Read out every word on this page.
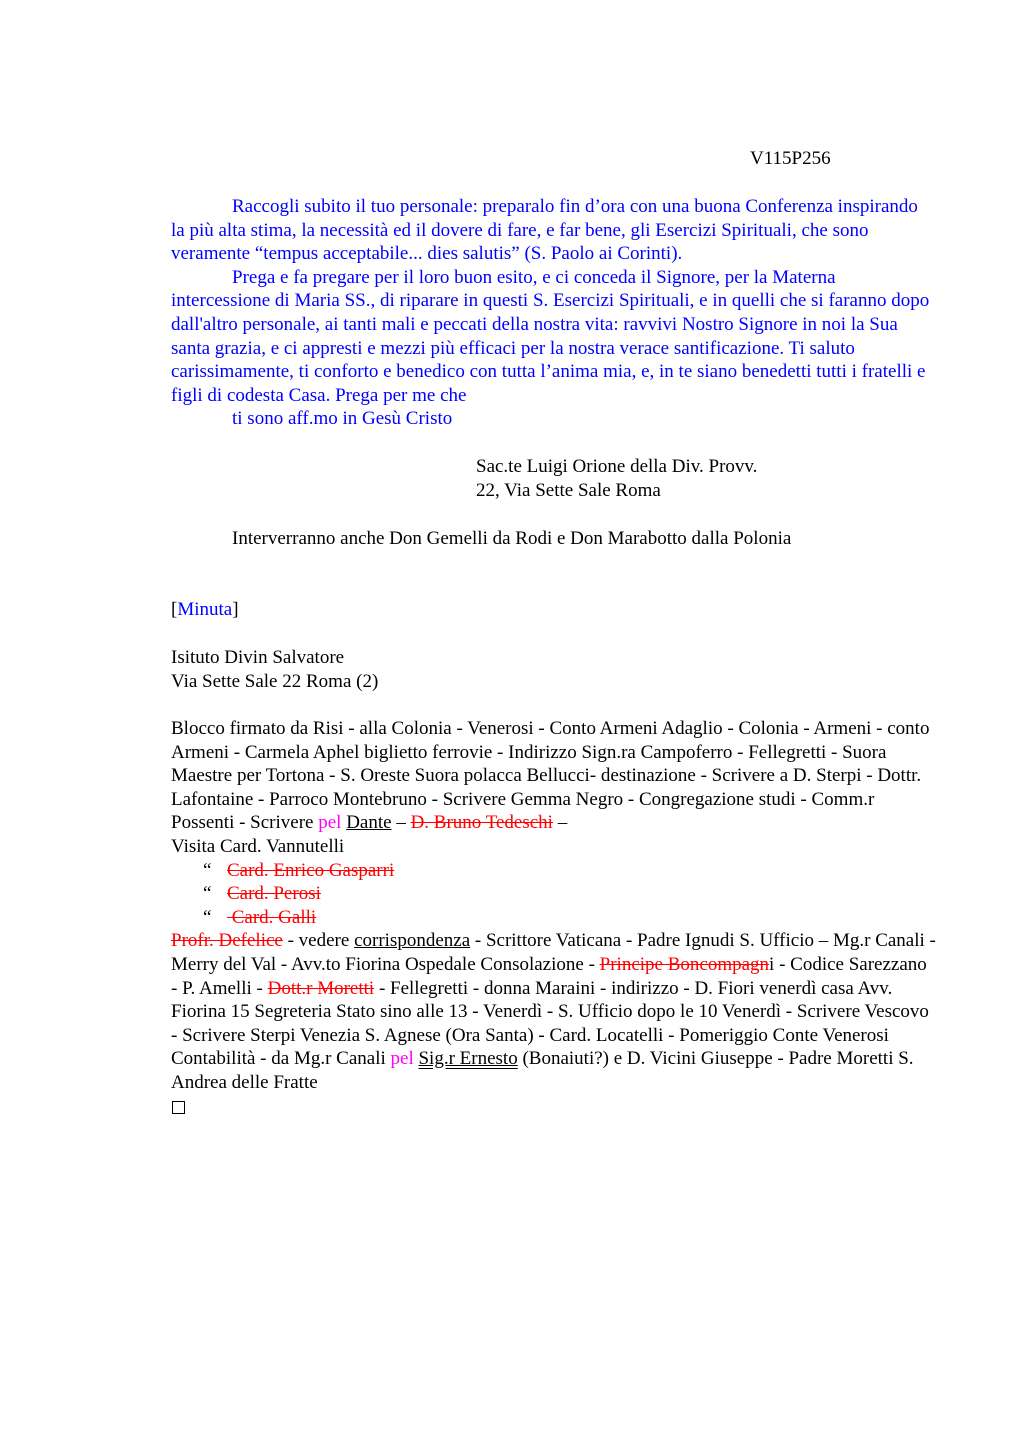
V115P256

Raccogli subito il tuo personale: preparalo fin d’ora con una buona Conferenza inspirando la più alta stima, la necessità ed il dovere di fare, e far bene, gli Esercizi Spirituali, che sono veramente “tempus acceptabile... dies salutis” (S. Paolo ai Corinti).

Prega e fa pregare per il loro buon esito, e ci conceda il Signore, per la Materna intercessione di Maria SS., di riparare in questi S. Esercizi Spirituali, e in quelli che si faranno dopo dall'altro personale, ai tanti mali e peccati della nostra vita: ravvivi Nostro Signore in noi la Sua santa grazia, e ci appresti e mezzi più efficaci per la nostra verace santificazione. Ti saluto carissimamente, ti conforto e benedico con tutta l’anima mia, e, in te siano benedetti tutti i fratelli e figli di codesta Casa. Prega per me che

ti sono aff.mo in Gesù Cristo

Sac.te Luigi Orione della Div. Provv.
22, Via Sette Sale Roma
Interverranno anche Don Gemelli da Rodi e Don Marabotto dalla Polonia
[Minuta]
Isituto Divin Salvatore
Via Sette Sale 22 Roma (2)

Blocco firmato da Risi - alla Colonia - Venerosi - Conto Armeni Adaglio - Colonia - Armeni - conto Armeni - Carmela Aphel biglietto ferrovie - Indirizzo Sign.ra Campoferro - Fellegretti - Suora Maestre per Tortona - S. Oreste Suora polacca Bellucci- destinazione - Scrivere a D. Sterpi - Dottr. Lafontaine - Parroco Montebruno - Scrivere Gemma Negro - Congregazione studi - Comm.r Possenti - Scrivere pel Dante – D. Bruno Tedeschi –
Visita Card. Vannutelli

“ Card. Enrico Gasparri
“ Card. Perosi
“ Card. Galli

Profr. Defelice - vedere corrispondenza - Scrittore Vaticana - Padre Ignudi S. Ufficio – Mg.r Canali - Merry del Val - Avv.to Fiorina Ospedale Consolazione - Principe Boncompagni - Codice Sarezzano - P. Amelli - Dott.r Moretti - Fellegretti - donna Maraini - indirizzo - D. Fiori venerdì casa Avv. Fiorina 15 Segreteria Stato sino alle 13 - Venerdì - S. Ufficio dopo le 10 Venerdì - Scrivere Vescovo - Scrivere Sterpi Venezia S. Agnese (Ora Santa) - Card. Locatelli - Pomeriggio Conte Venerosi Contabilità - da Mg.r Canali pel Sig.r Ernesto (Bonaiuti?) e D. Vicini Giuseppe - Padre Moretti S. Andrea delle Fratte
